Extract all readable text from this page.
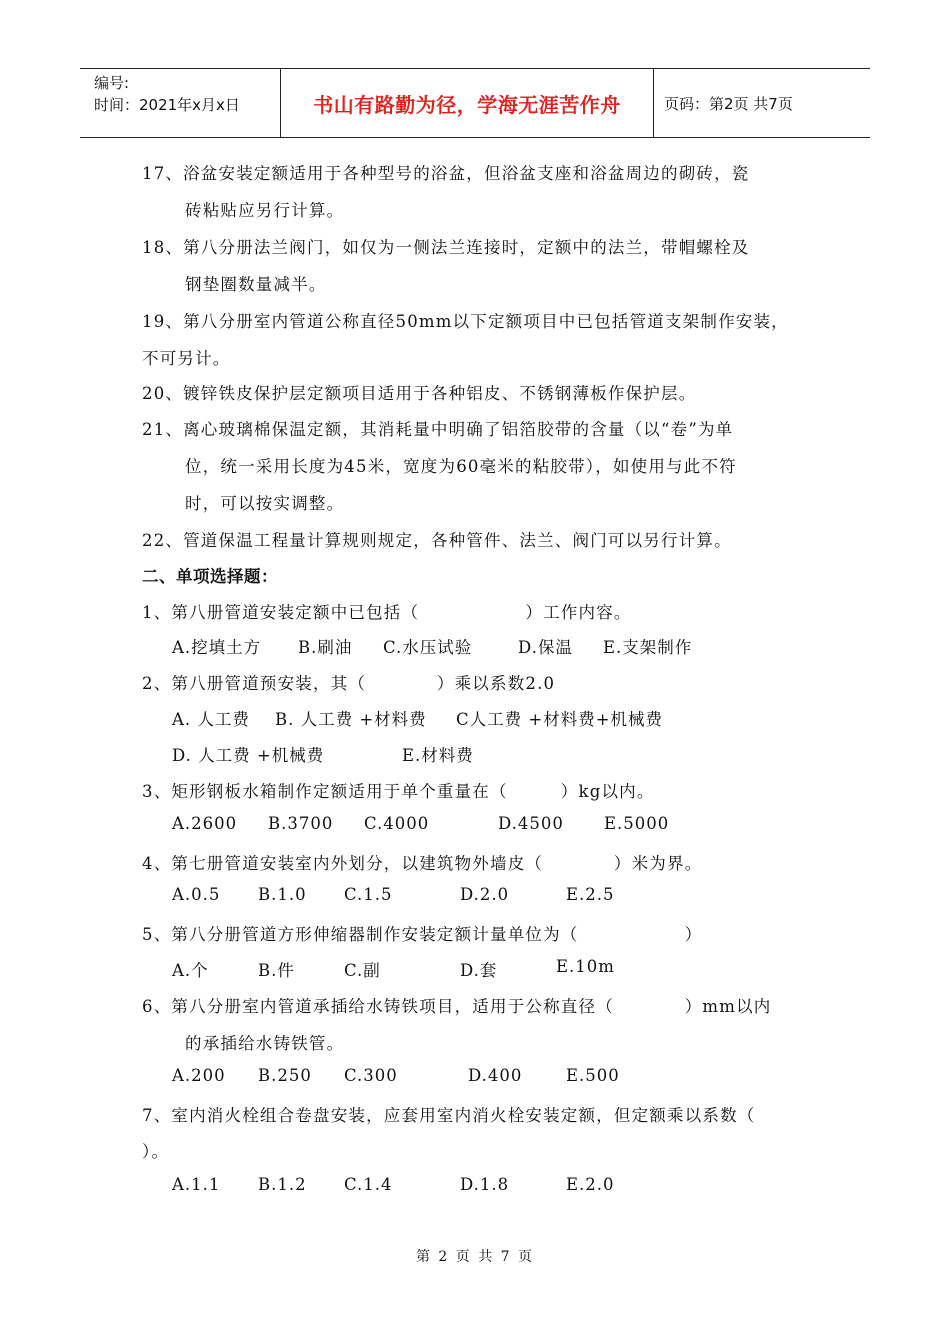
编号:
时间：2021年x月x日	书山有路勤为径，学海无涯苦作舟	页码：第2页 共7页
17、浴盆安装定额适用于各种型号的浴盆，但浴盆支座和浴盆周边的砌砖，瓷
砖粘贴应另行计算。
18、第八分册法兰阀门，如仅为一侧法兰连接时，定额中的法兰，带帽螺栓及
钢垫圈数量减半。
19、第八分册室内管道公称直径50mm以下定额项目中已包括管道支架制作安装，
不可另计。
20、镀锌铁皮保护层定额项目适用于各种铝皮、不锈钢薄板作保护层。
21、离心玻璃棉保温定额，其消耗量中明确了铝箔胶带的含量（以“卷”为单
位，统一采用长度为45米，宽度为60毫米的粘胶带），如使用与此不符
时，可以按实调整。
22、管道保温工程量计算规则规定，各种管件、法兰、阀门可以另行计算。
二、单项选择题：
1、第八册管道安装定额中已包括（　　　　　　）工作内容。
A.挖填土方 B.刷油 C.水压试验	D.保温 E.支架制作
2、第八册管道预安装，其（　　　　）乘以系数2.0
A. 人工费 B. 人工费 +材料费 C人工费 +材料费+机械费
D. 人工费 +机械费	E.材料费
3、矩形钢板水箱制作定额适用于单个重量在（　　　）kg以内。
A.2600 B.3700 C.4000	D.4500 E.5000
4、第七册管道安装室内外划分，以建筑物外墙皮（　　　　）米为界。
A.0.5 B.1.0 C.1.5	D.2.0	E.2.5
5、第八分册管道方形伸缩器制作安装定额计量单位为（　　　　　　）
A.个	B.件	C.副	D.套	E.10m
6、第八分册室内管道承插给水铸铁项目，适用于公称直径（　　　　）mm以内
的承插给水铸铁管。
A.200 B.250 C.300	D.400	E.500
7、室内消火栓组合卷盘安装，应套用室内消火栓安装定额，但定额乘以系数（
）。
A.1.1 B.1.2 C.1.4	D.1.8	E.2.0
第 2 页 共 7 页
